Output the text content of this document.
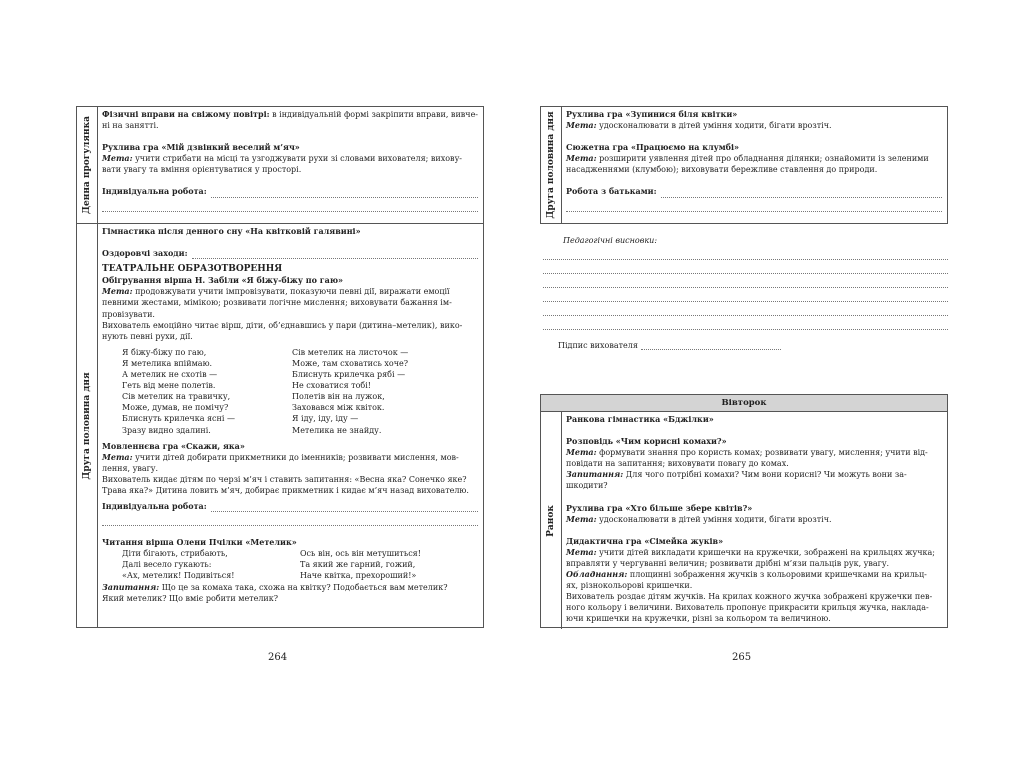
Денна прогулянка

Фізичні вправи на свіжому повітрі: в індивідуальній формі закріпити вправи, вивче-

ні на занятті.

Рухлива гра «Мій дзвінкий веселий м’яч»

Мета: учити стрибати на місці та узгоджувати рухи зі словами вихователя; вихову-

вати увагу та вміння орієнтуватися у просторі.

Індивідуальна робота:
Друга половина дня

Гімнастика після денного сну «На квітковій галявині»

Оздоровчі заходи:

ТЕАТРАЛЬНЕ ОБРАЗОТВОРЕННЯ

Обігрування вірша Н. Забіли «Я біжу-біжу по гаю»

Мета: продовжувати учити імпровізувати, показуючи певні дії, виражати емоції

певними жестами, мімікою; розвивати логічне мислення; виховувати бажання ім-

провізувати.

Вихователь емоційно читає вірш, діти, об’єднавшись у пари (дитина–метелик), вико-

нують певні рухи, дії.

Я біжу-біжу по гаю,
Я метелика впіймаю.
А метелик не схотів —
Геть від мене полетів.
Сів метелик на травичку,
Може, думав, не помічу?
Блиснуть крилечка ясні —
Зразу видно здалині.
Сів метелик на листочок —
Може, там сховатись хоче?
Блиснуть крилечка рябі —
Не сховатися тобі!
Полетів він на лужок,
Заховався між квіток.
Я іду, іду, іду —
Метелика не знайду.

Мовленнєва гра «Скажи, яка»

Мета: учити дітей добирати прикметники до іменників; розвивати мислення, мов-

лення, увагу.

Вихователь кидає дітям по черзі м’яч і ставить запитання: «Весна яка? Сонечко яке?

Трава яка?» Дитина ловить м’яч, добирає прикметник і кидає м’яч назад вихователю.

Індивідуальна робота:

Читання вірша Олени Пчілки «Метелик»

Діти бігають, стрибають,
Далі весело гукають:
«Ах, метелик! Подивіться!
Ось він, ось він метушиться!
Та який же гарний, гожий,
Наче квітка, прехороший!»

Запитання: Що це за комаха така, схожа на квітку? Подобається вам метелик?

Який метелик? Що вміє робити метелик?

264
Друга половина дня Рухлива гра «Зупинися біля квітки»

Мета: удосконалювати в дітей уміння ходити, бігати врозтіч.

Сюжетна гра «Працюємо на клумбі»

Мета: розширити уявлення дітей про обладнання ділянки; ознайомити із зеленими

насадженнями (клумбою); виховувати бережливе ставлення до природи.

Робота з батьками:

Педагогічні висновки:

Підпис вихователя
Вівторок
Ранок

Ранкова гімнастика «Бджілки»

Розповідь «Чим корисні комахи?»

Мета: формувати знання про користь комах; розвивати увагу, мислення; учити від-

повідати на запитання; виховувати повагу до комах.

Запитання: Для чого потрібні комахи? Чим вони корисні? Чи можуть вони за-

шкодити?

Рухлива гра «Хто більше збере квітів?»

Мета: удосконалювати в дітей уміння ходити, бігати врозтіч.

Дидактична гра «Сімейка жуків»

Мета: учити дітей викладати кришечки на кружечки, зображені на крильцях жучка;

вправляти у чергуванні величин; розвивати дрібні м’язи пальців рук, увагу.

Обладнання: площинні зображення жучків з кольоровими кришечками на крильц-

ях, різнокольорові кришечки.

Вихователь роздає дітям жучків. На крилах кожного жучка зображені кружечки пев-

ного кольору і величини. Вихователь пропонує прикрасити крильця жучка, наклада-

ючи кришечки на кружечки, різні за кольором та величиною.

265
